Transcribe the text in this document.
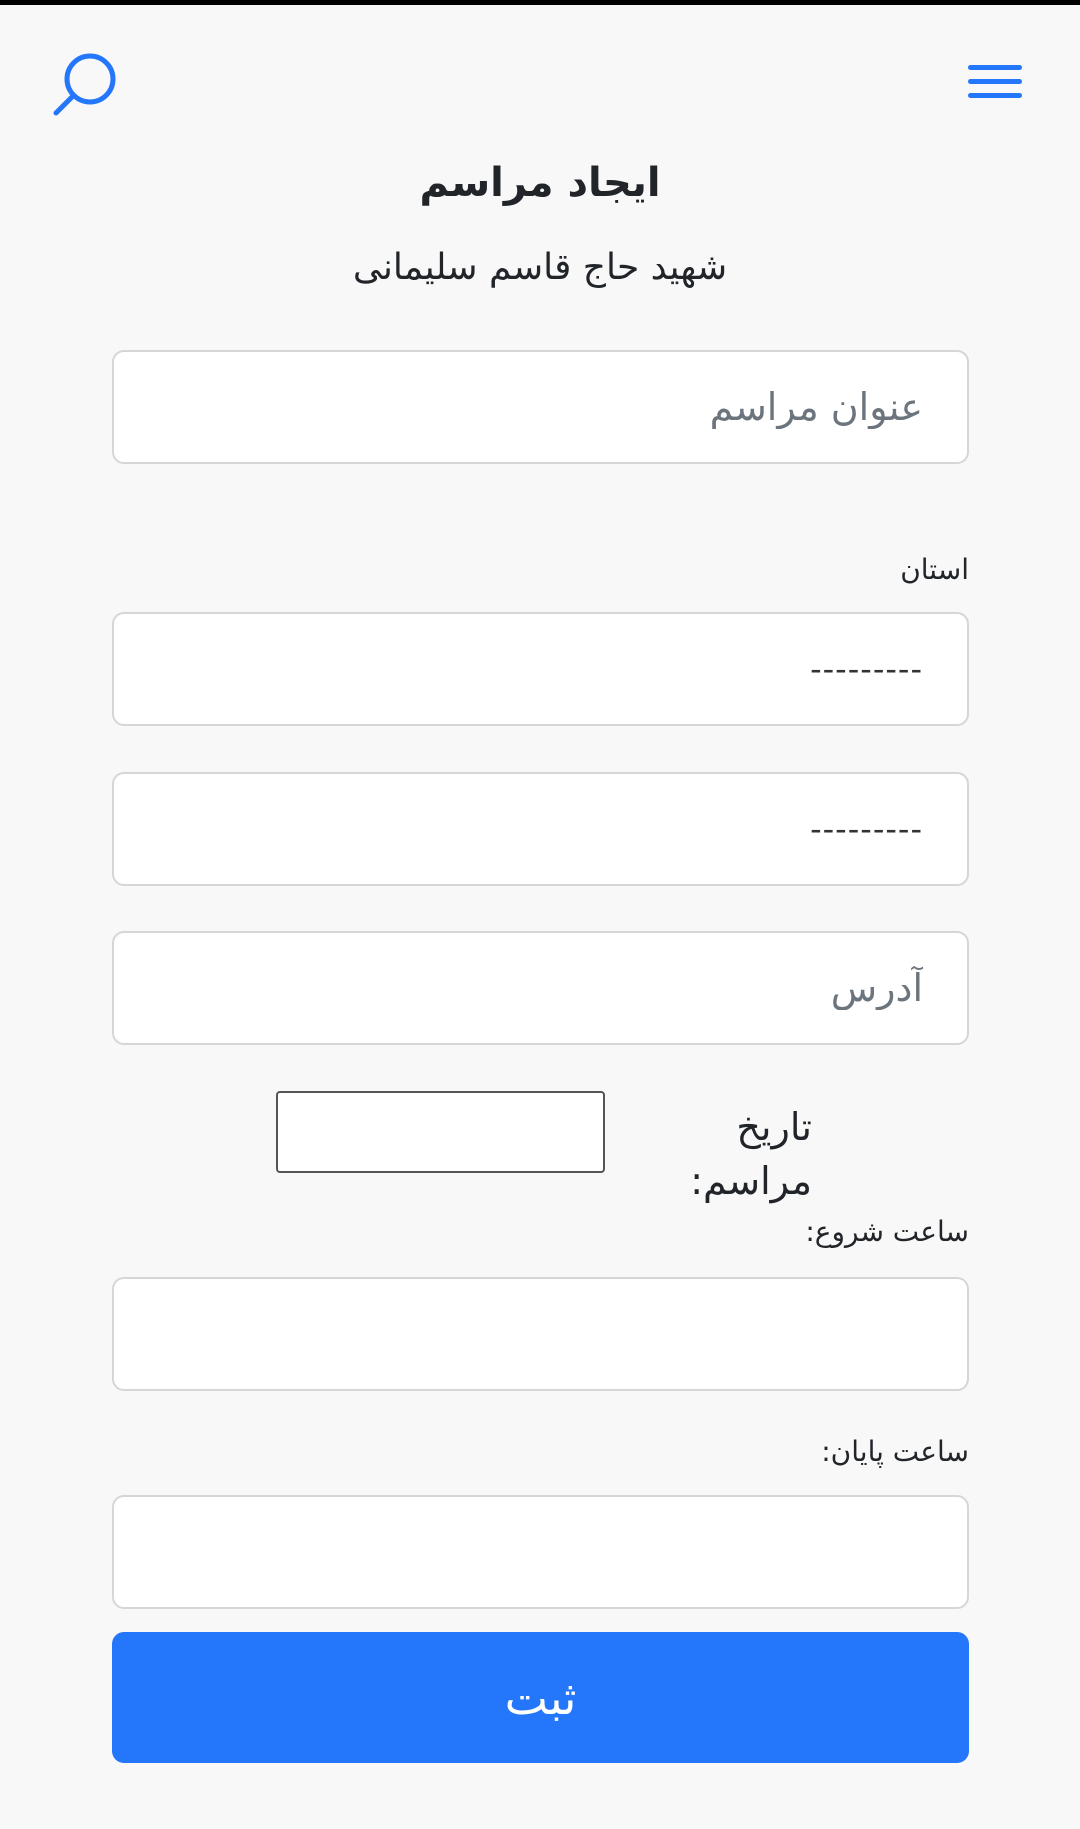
ایجاد مراسم
شهید حاج قاسم سلیمانی
عنوان مراسم
استان
---------
---------
آدرس
تاریخ مراسم:
ساعت شروع:
ساعت پایان:
ثبت
